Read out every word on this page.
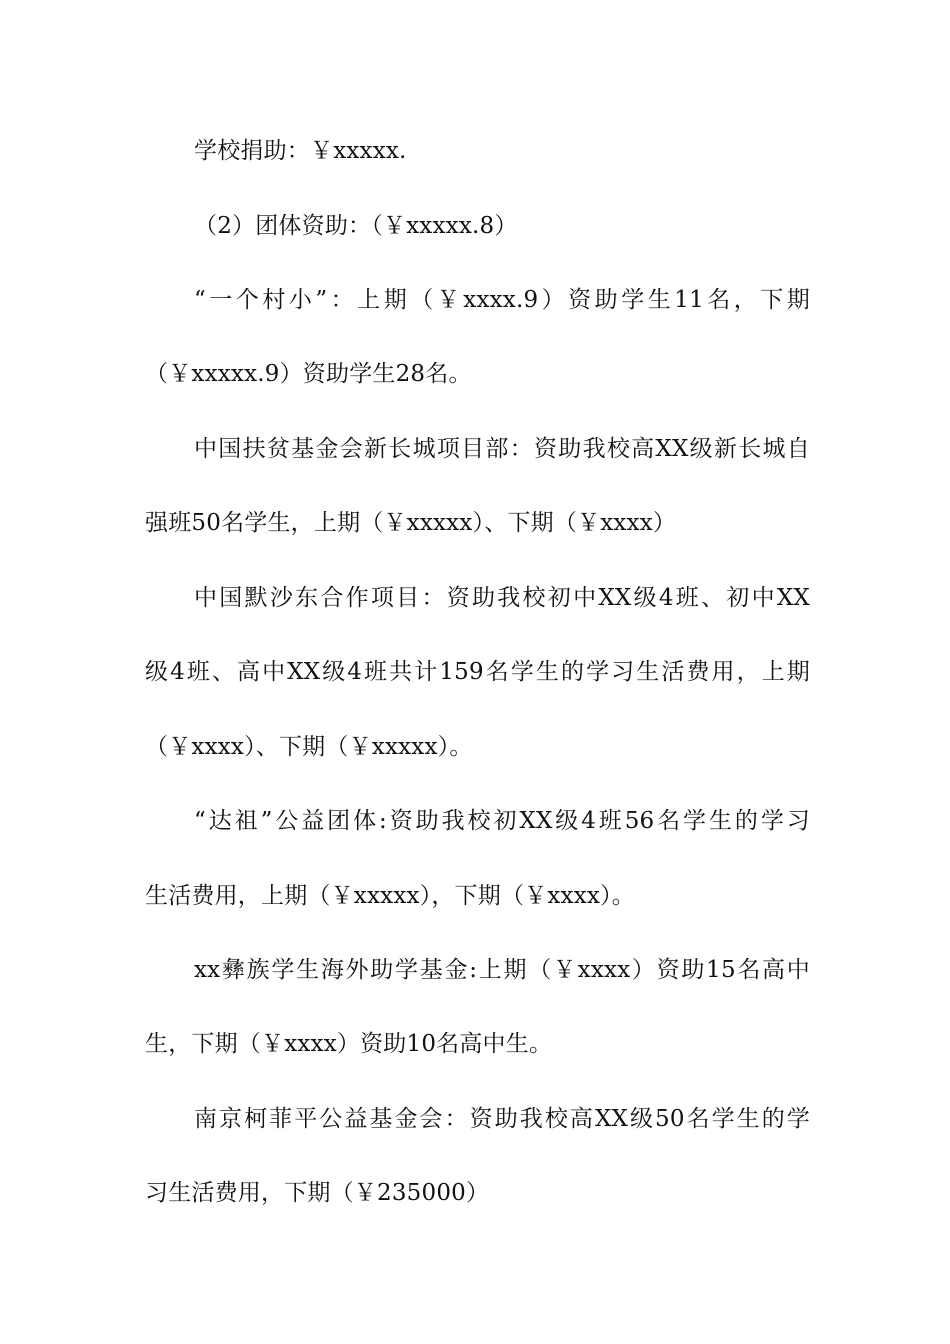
学校捐助：￥xxxxx.
（2）团体资助：（￥xxxxx.8）
“一个村小”：上期（￥xxxx.9）资助学生11名，下期
（￥xxxxx.9）资助学生28名。
中国扶贫基金会新长城项目部：资助我校高XX级新长城自
强班50名学生，上期（￥xxxxx）、下期（￥xxxx）
中国默沙东合作项目：资助我校初中XX级4班、初中XX
级4班、高中XX级4班共计159名学生的学习生活费用，上期
（￥xxxx）、下期（￥xxxxx）。
“达祖”公益团体:资助我校初XX级4班56名学生的学习
生活费用，上期（￥xxxxx），下期（￥xxxx）。
xx彝族学生海外助学基金:上期（￥xxxx）资助15名高中
生，下期（￥xxxx）资助10名高中生。
南京柯菲平公益基金会：资助我校高XX级50名学生的学
习生活费用，下期（￥235000）
